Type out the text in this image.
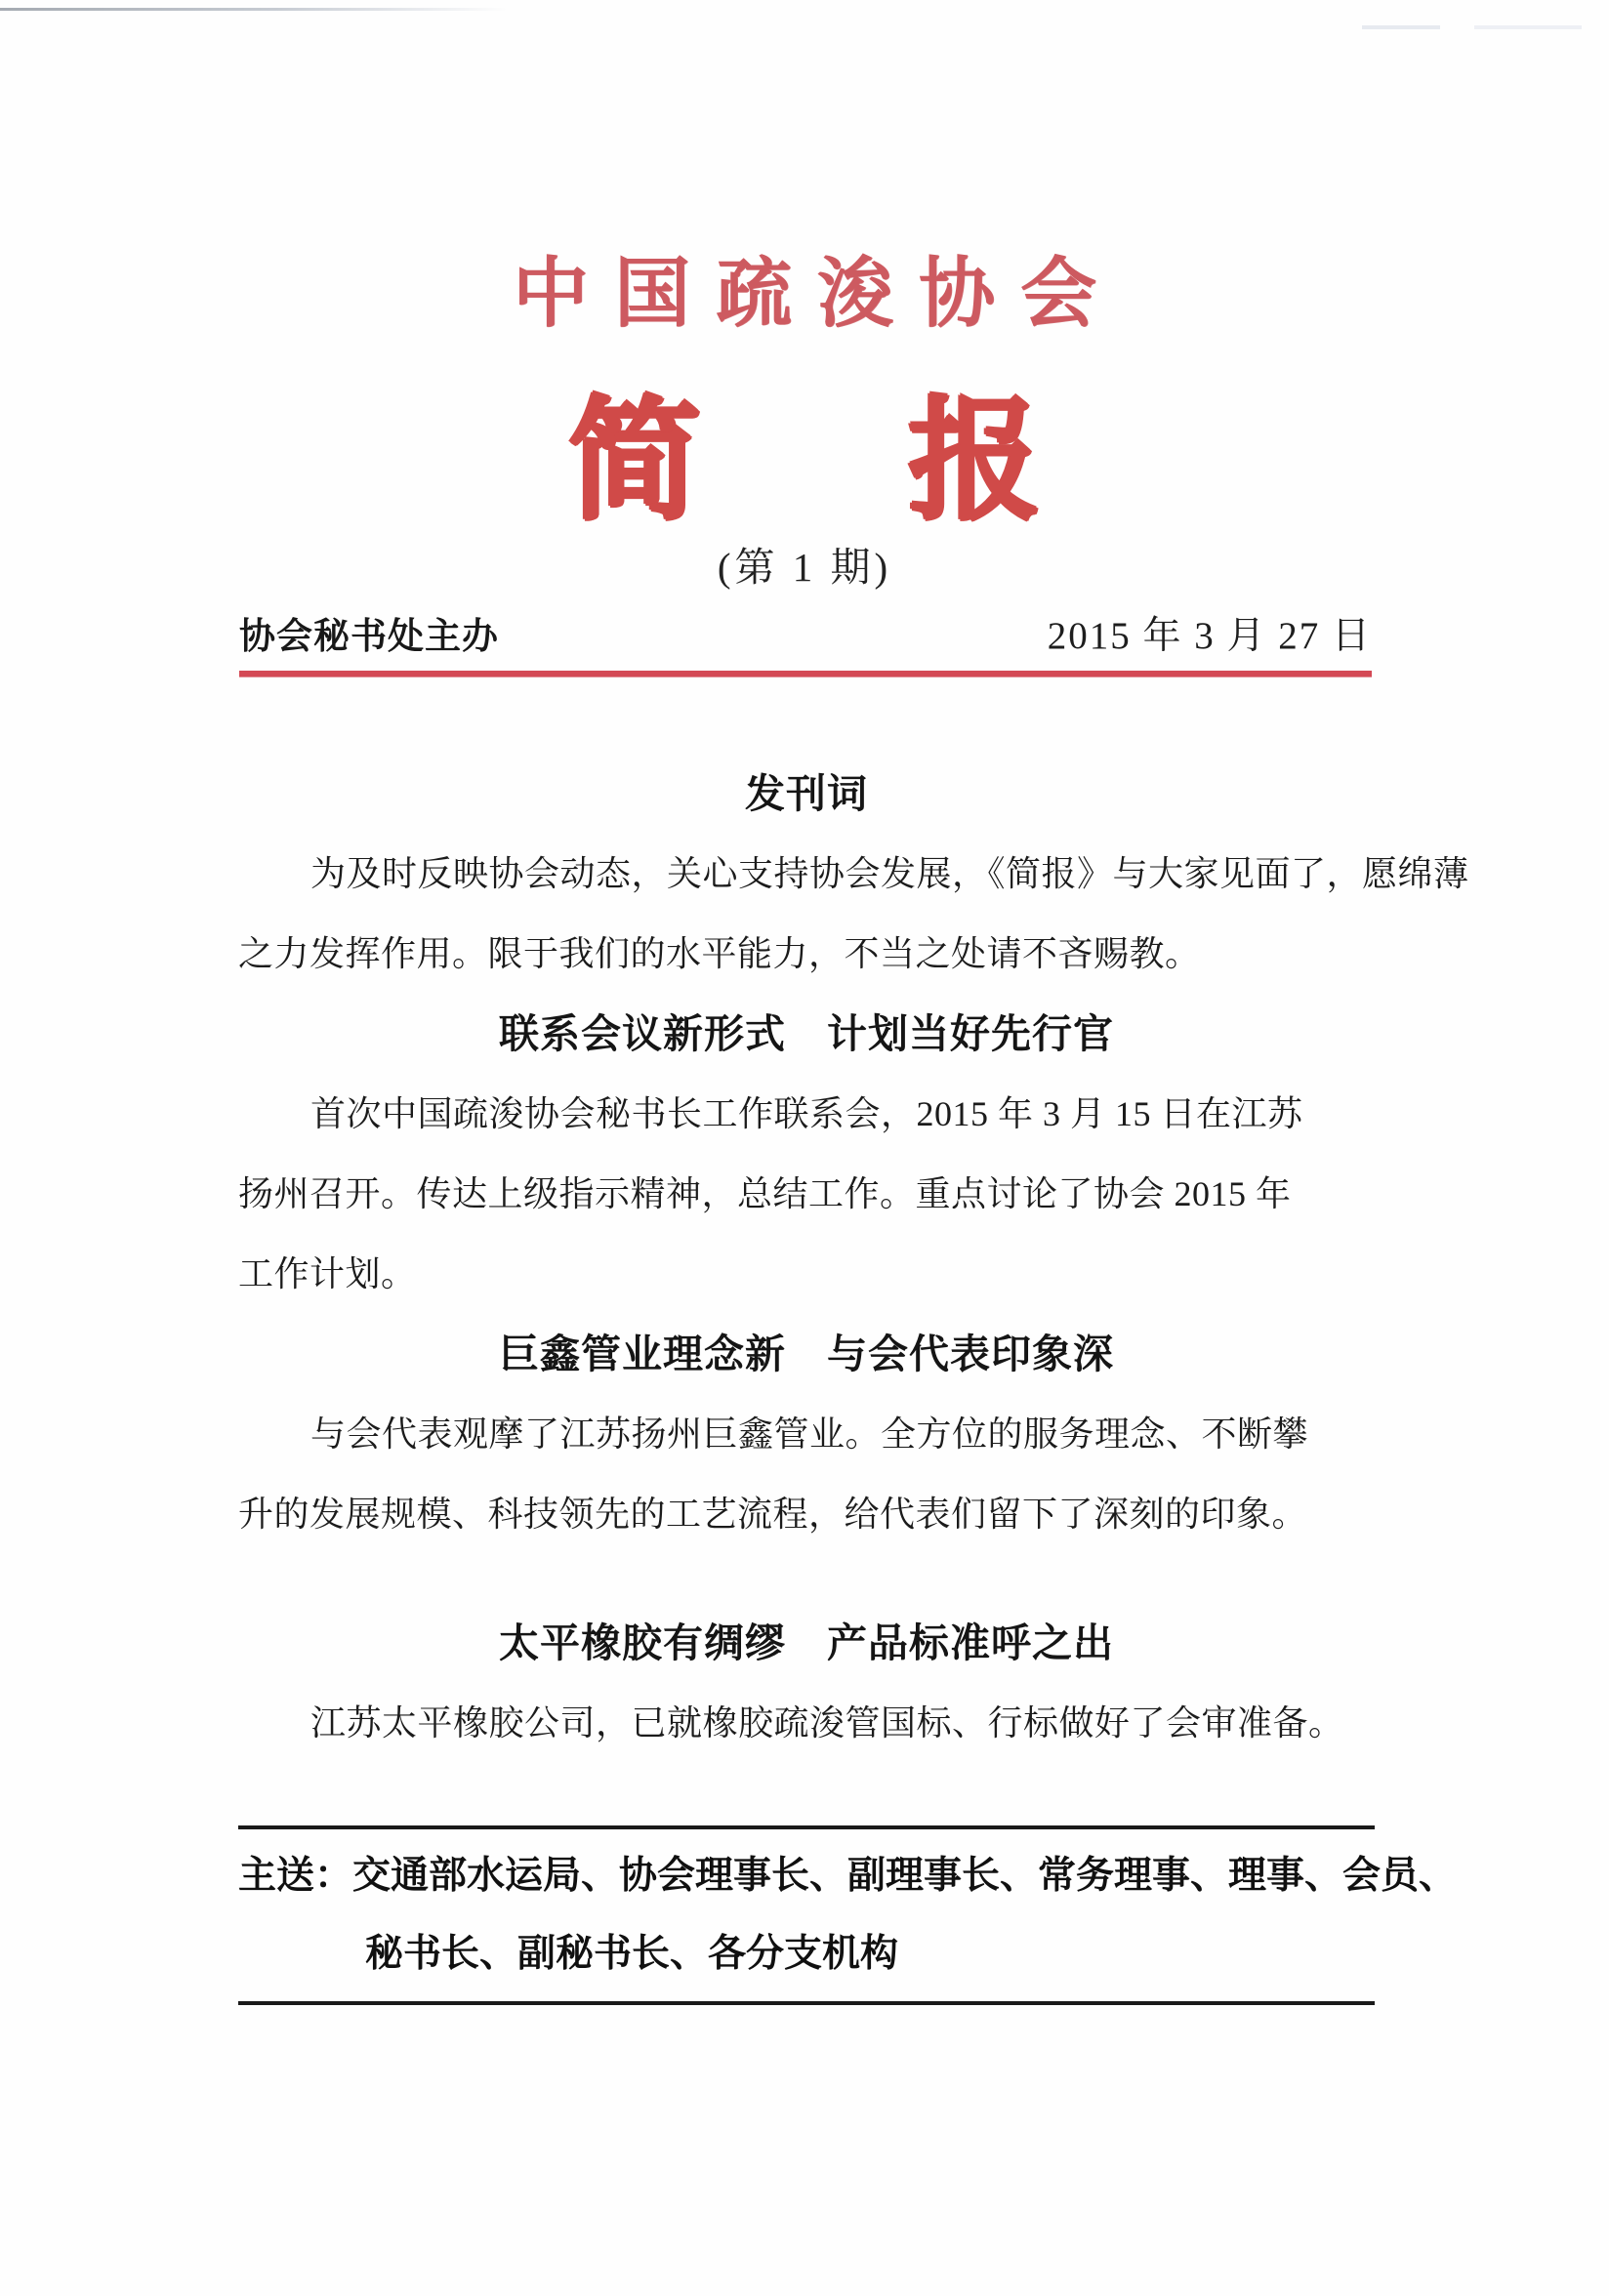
中国疏浚协会
简报
(第 1 期)
协会秘书处主办	2015 年 3 月 27 日
发刊词
为及时反映协会动态，关心支持协会发展，《简报》与大家见面了，愿绵薄
之力发挥作用。限于我们的水平能力，不当之处请不吝赐教。
联系会议新形式　计划当好先行官
首次中国疏浚协会秘书长工作联系会，2015 年 3 月 15 日在江苏
扬州召开。传达上级指示精神，总结工作。重点讨论了协会 2015 年
工作计划。
巨鑫管业理念新　与会代表印象深
与会代表观摩了江苏扬州巨鑫管业。全方位的服务理念、不断攀
升的发展规模、科技领先的工艺流程，给代表们留下了深刻的印象。
太平橡胶有绸缪　产品标准呼之出
江苏太平橡胶公司，已就橡胶疏浚管国标、行标做好了会审准备。
主送：交通部水运局、协会理事长、副理事长、常务理事、理事、会员、
秘书长、副秘书长、各分支机构
